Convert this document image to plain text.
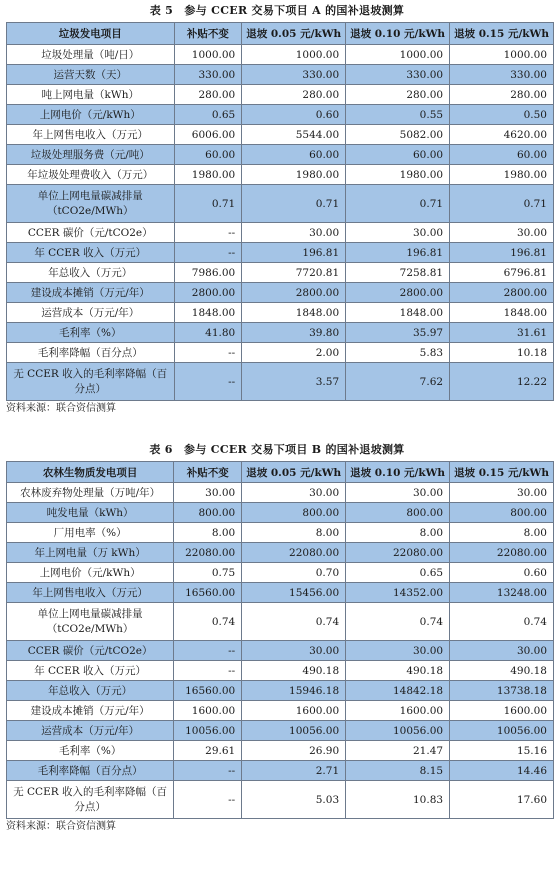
表 5　参与 CCER 交易下项目 A 的国补退坡测算
垃圾发电项目	补贴不变	退坡 0.05 元/kWh	退坡 0.10 元/kWh	退坡 0.15 元/kWh
垃圾处理量（吨/日）	1000.00	1000.00	1000.00	1000.00
运营天数（天）	330.00	330.00	330.00	330.00
吨上网电量（kWh）	280.00	280.00	280.00	280.00
上网电价（元/kWh）	0.65	0.60	0.55	0.50
年上网售电收入（万元）	6006.00	5544.00	5082.00	4620.00
垃圾处理服务费（元/吨）	60.00	60.00	60.00	60.00
年垃圾处理费收入（万元）	1980.00	1980.00	1980.00	1980.00
单位上网电量碳减排量（tCO2e/MWh）	0.71	0.71	0.71	0.71
CCER 碳价（元/tCO2e）	--	30.00	30.00	30.00
年 CCER 收入（万元）	--	196.81	196.81	196.81
年总收入（万元）	7986.00	7720.81	7258.81	6796.81
建设成本摊销（万元/年）	2800.00	2800.00	2800.00	2800.00
运营成本（万元/年）	1848.00	1848.00	1848.00	1848.00
毛利率（%）	41.80	39.80	35.97	31.61
毛利率降幅（百分点）	--	2.00	5.83	10.18
无 CCER 收入的毛利率降幅（百分点）	--	3.57	7.62	12.22
资料来源：联合资信测算
表 6　参与 CCER 交易下项目 B 的国补退坡测算
农林生物质发电项目	补贴不变	退坡 0.05 元/kWh	退坡 0.10 元/kWh	退坡 0.15 元/kWh
农林废弃物处理量（万吨/年）	30.00	30.00	30.00	30.00
吨发电量（kWh）	800.00	800.00	800.00	800.00
厂用电率（%）	8.00	8.00	8.00	8.00
年上网电量（万 kWh）	22080.00	22080.00	22080.00	22080.00
上网电价（元/kWh）	0.75	0.70	0.65	0.60
年上网售电收入（万元）	16560.00	15456.00	14352.00	13248.00
单位上网电量碳减排量（tCO2e/MWh）	0.74	0.74	0.74	0.74
CCER 碳价（元/tCO2e）	--	30.00	30.00	30.00
年 CCER 收入（万元）	--	490.18	490.18	490.18
年总收入（万元）	16560.00	15946.18	14842.18	13738.18
建设成本摊销（万元/年）	1600.00	1600.00	1600.00	1600.00
运营成本（万元/年）	10056.00	10056.00	10056.00	10056.00
毛利率（%）	29.61	26.90	21.47	15.16
毛利率降幅（百分点）	--	2.71	8.15	14.46
无 CCER 收入的毛利率降幅（百分点）	--	5.03	10.83	17.60
资料来源：联合资信测算
